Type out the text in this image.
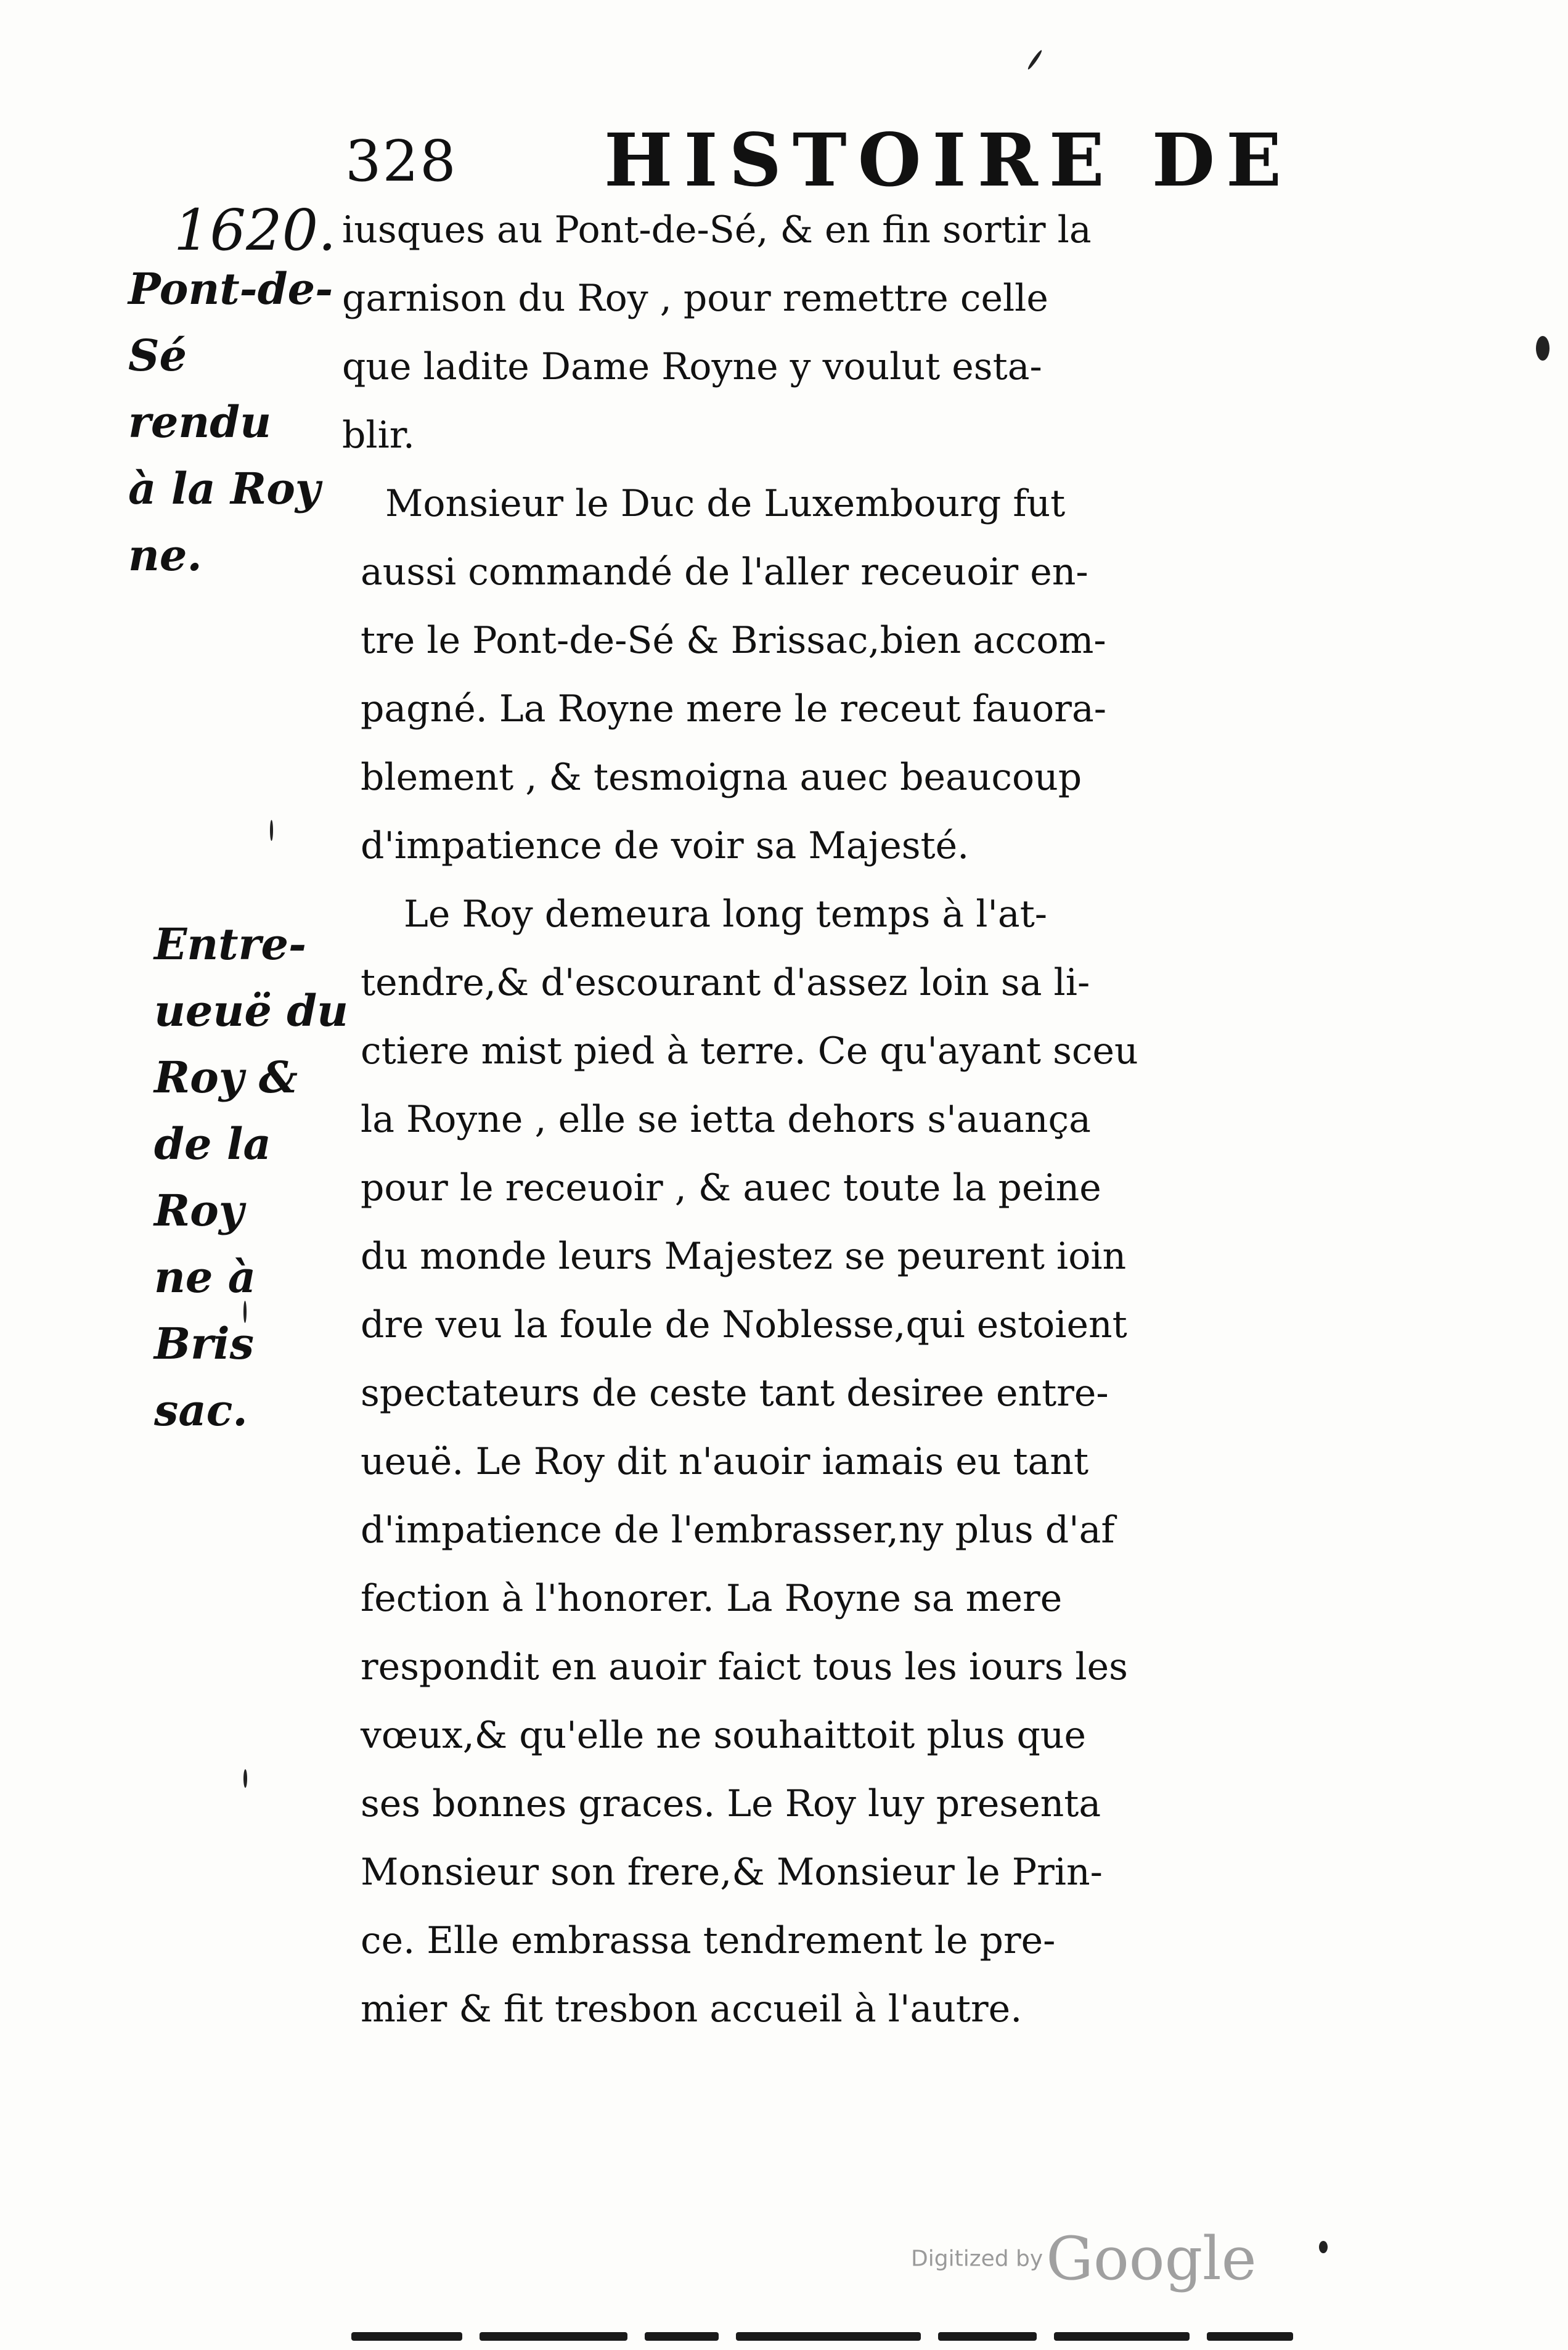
328 HISTOIRE DE
1620.
Pont-de-
Sé rendu
à la Roy
ne.
Entre-
ueuë du
Roy &
de la Roy
ne à Bris
sac.
iusques au Pont-de-Sé, & en fin sortir la
garnison du Roy , pour remettre celle
que ladite Dame Royne y voulut esta-
blir.
Monsieur le Duc de Luxembourg fut
aussi commandé de l'aller receuoir en-
tre le Pont-de-Sé & Brissac,bien accom-
pagné. La Royne mere le receut fauora-
blement , & tesmoigna auec beaucoup
d'impatience de voir sa Majesté.
Le Roy demeura long temps à l'at-
tendre,& d'escourant d'assez loin sa li-
ctiere mist pied à terre. Ce qu'ayant sceu
la Royne , elle se ietta dehors s'auança
pour le receuoir , & auec toute la peine
du monde leurs Majestez se peurent ioin
dre veu la foule de Noblesse,qui estoient
spectateurs de ceste tant desiree entre-
ueuë. Le Roy dit n'auoir iamais eu tant
d'impatience de l'embrasser,ny plus d'af
fection à l'honorer. La Royne sa mere
respondit en auoir faict tous les iours les
vœux,& qu'elle ne souhaittoit plus que
ses bonnes graces. Le Roy luy presenta
Monsieur son frere,& Monsieur le Prin-
ce. Elle embrassa tendrement le pre-
mier & fit tresbon accueil à l'autre.
Digitized by Google
